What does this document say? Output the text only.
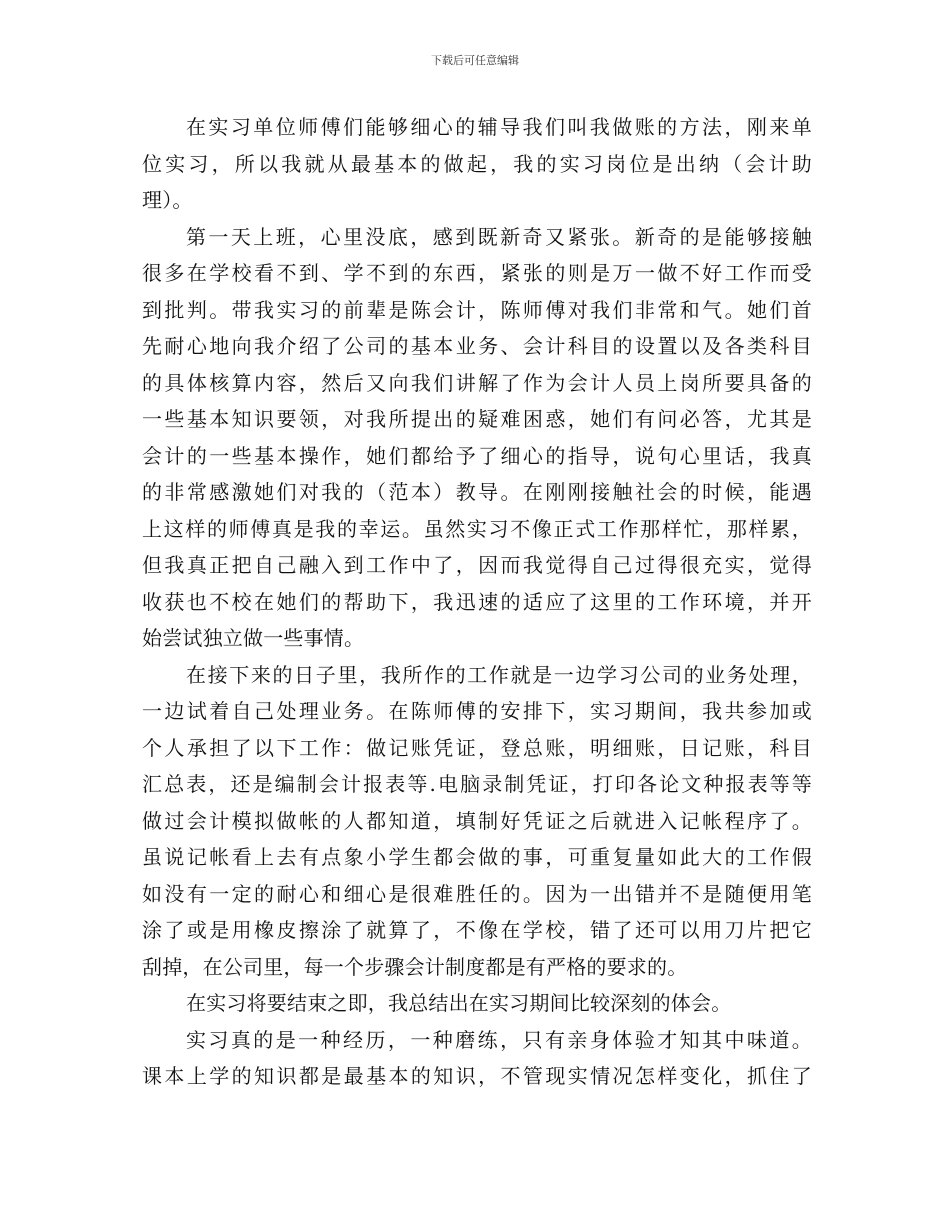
下载后可任意编辑
在实习单位师傅们能够细心的辅导我们叫我做账的方法，刚来单
位实习，所以我就从最基本的做起，我的实习岗位是出纳（会计助
理）。
第一天上班，心里没底，感到既新奇又紧张。新奇的是能够接触
很多在学校看不到、学不到的东西，紧张的则是万一做不好工作而受
到批判。带我实习的前辈是陈会计，陈师傅对我们非常和气。她们首
先耐心地向我介绍了公司的基本业务、会计科目的设置以及各类科目
的具体核算内容，然后又向我们讲解了作为会计人员上岗所要具备的
一些基本知识要领，对我所提出的疑难困惑，她们有问必答，尤其是
会计的一些基本操作，她们都给予了细心的指导，说句心里话，我真
的非常感激她们对我的（范本）教导。在刚刚接触社会的时候，能遇
上这样的师傅真是我的幸运。虽然实习不像正式工作那样忙，那样累，
但我真正把自己融入到工作中了，因而我觉得自己过得很充实，觉得
收获也不校在她们的帮助下，我迅速的适应了这里的工作环境，并开
始尝试独立做一些事情。
在接下来的日子里，我所作的工作就是一边学习公司的业务处理，
一边试着自己处理业务。在陈师傅的安排下，实习期间，我共参加或
个人承担了以下工作：做记账凭证，登总账，明细账，日记账，科目
汇总表，还是编制会计报表等.电脑录制凭证，打印各论文种报表等等
做过会计模拟做帐的人都知道，填制好凭证之后就进入记帐程序了。
虽说记帐看上去有点象小学生都会做的事，可重复量如此大的工作假
如没有一定的耐心和细心是很难胜任的。因为一出错并不是随便用笔
涂了或是用橡皮擦涂了就算了，不像在学校，错了还可以用刀片把它
刮掉，在公司里，每一个步骤会计制度都是有严格的要求的。
在实习将要结束之即，我总结出在实习期间比较深刻的体会。
实习真的是一种经历，一种磨练，只有亲身体验才知其中味道。
课本上学的知识都是最基本的知识，不管现实情况怎样变化，抓住了
